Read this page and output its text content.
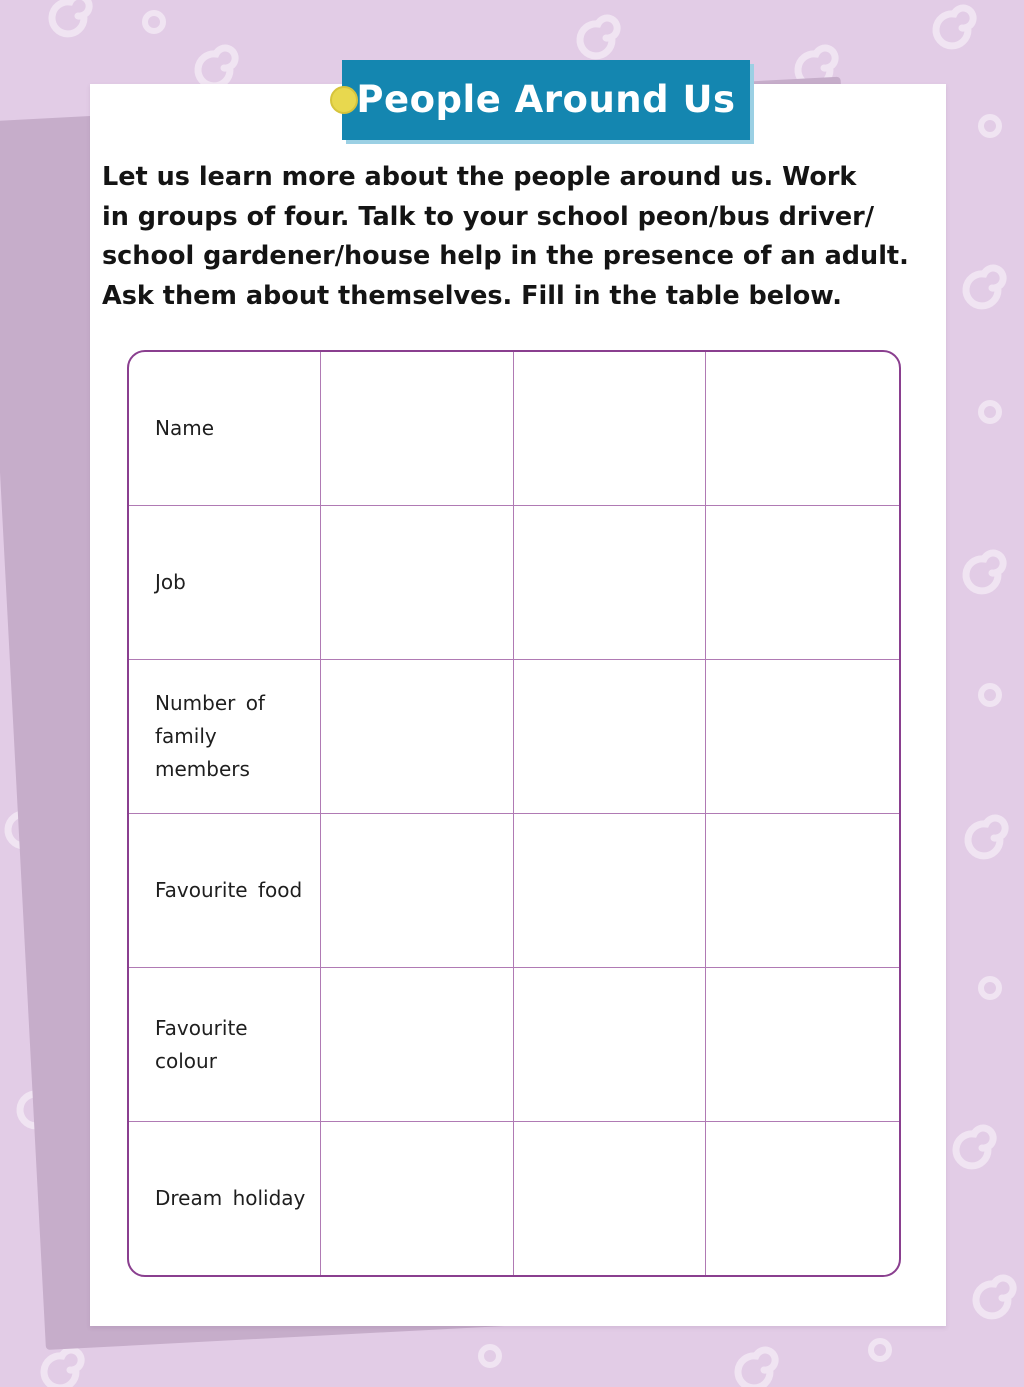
People Around Us

Let us learn more about the people around us. Work
in groups of four. Talk to your school peon/bus driver/
school gardener/house help in the presence of an adult.
Ask them about themselves. Fill in the table below.

Name			
Job			
Number of family members			
Favourite food			
Favourite colour			
Dream holiday			
